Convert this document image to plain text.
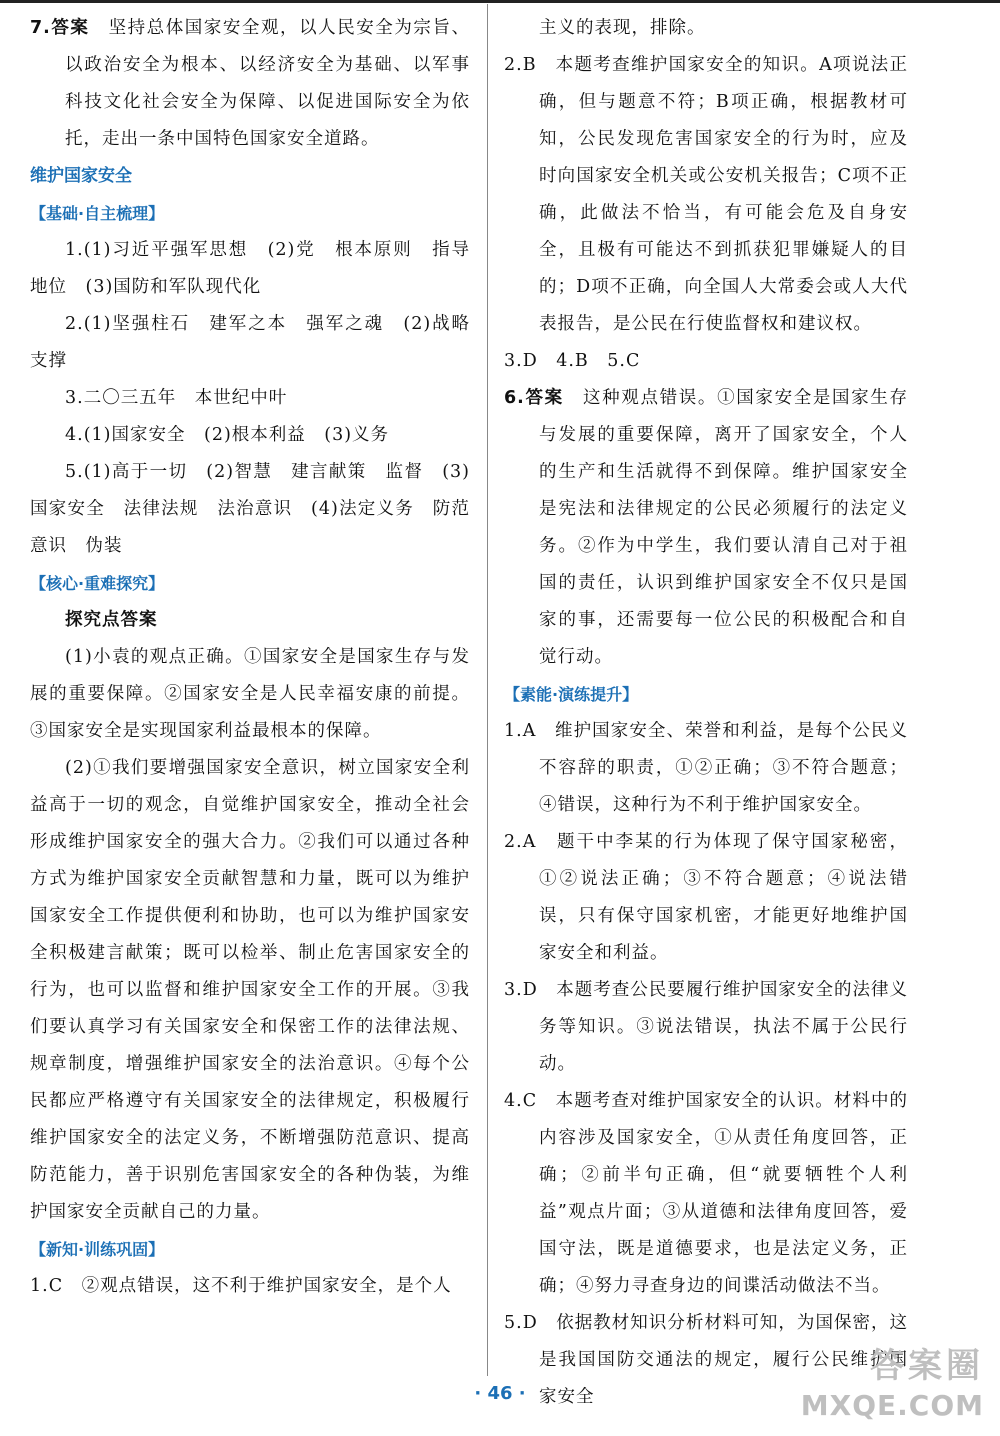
7.答案　 坚持总体国家安全观，以人民安全为宗旨、以政治安全为根本、以经济安全为基础、以军事科技文化社会安全为保障、以促进国际安全为依托，走出一条中国特色国家安全道路。

维护国家安全

【基础·自主梳理】

1.(1)习近平强军思想　(2)党　根本原则　指导地位　(3)国防和军队现代化

2.(1)坚强柱石　建军之本　强军之魂　(2)战略支撑

3.二〇三五年　本世纪中叶

4.(1)国家安全　(2)根本利益　(3)义务

5.(1)高于一切　(2)智慧　建言献策　监督　(3)国家安全　法律法规　法治意识　(4)法定义务　防范意识　伪装

【核心·重难探究】

探究点答案

(1)小袁的观点正确。①国家安全是国家生存与发展的重要保障。②国家安全是人民幸福安康的前提。③国家安全是实现国家利益最根本的保障。

(2)①我们要增强国家安全意识，树立国家安全利益高于一切的观念，自觉维护国家安全，推动全社会形成维护国家安全的强大合力。②我们可以通过各种方式为维护国家安全贡献智慧和力量，既可以为维护国家安全工作提供便利和协助，也可以为维护国家安全积极建言献策；既可以检举、制止危害国家安全的行为，也可以监督和维护国家安全工作的开展。③我们要认真学习有关国家安全和保密工作的法律法规、规章制度，增强维护国家安全的法治意识。④每个公民都应严格遵守有关国家安全的法律规定，积极履行维护国家安全的法定义务，不断增强防范意识、提高防范能力，善于识别危害国家安全的各种伪装，为维护国家安全贡献自己的力量。

【新知·训练巩固】

1.C　②观点错误，这不利于维护国家安全，是个人

主义的表现，排除。

2.B　本题考查维护国家安全的知识。A项说法正确，但与题意不符；B项正确，根据教材可知，公民发现危害国家安全的行为时，应及时向国家安全机关或公安机关报告；C项不正确，此做法不恰当，有可能会危及自身安全，且极有可能达不到抓获犯罪嫌疑人的目的；D项不正确，向全国人大常委会或人大代表报告，是公民在行使监督权和建议权。

3.D　4.B　5.C

6.答案　 这种观点错误。①国家安全是国家生存与发展的重要保障，离开了国家安全，个人的生产和生活就得不到保障。维护国家安全是宪法和法律规定的公民必须履行的法定义务。②作为中学生，我们要认清自己对于祖国的责任，认识到维护国家安全不仅只是国家的事，还需要每一位公民的积极配合和自觉行动。

【素能·演练提升】

1.A　维护国家安全、荣誉和利益，是每个公民义不容辞的职责，①②正确；③不符合题意；④错误，这种行为不利于维护国家安全。

2.A　题干中李某的行为体现了保守国家秘密，①②说法正确；③不符合题意；④说法错误，只有保守国家机密，才能更好地维护国家安全和利益。

3.D　本题考查公民要履行维护国家安全的法律义务等知识。③说法错误，执法不属于公民行动。

4.C　本题考查对维护国家安全的认识。材料中的内容涉及国家安全，①从责任角度回答，正确；②前半句正确，但“就要牺牲个人利益”观点片面；③从道德和法律角度回答，爱国守法，既是道德要求，也是法定义务，正确；④努力寻查身边的间谍活动做法不当。

5.D　依据教材知识分析材料可知，为国保密，这是我国国防交通法的规定，履行公民维护国家安全

· 46 ·
答案圈
MXQE.COM
